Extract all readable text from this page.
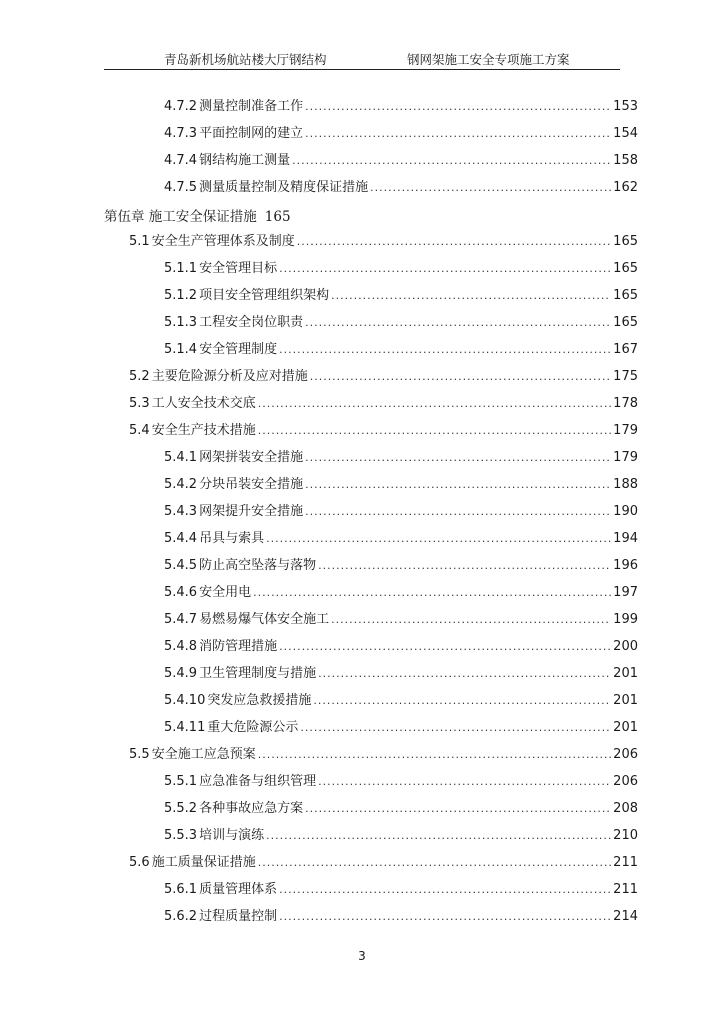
青岛新机场航站楼大厅钢结构	钢网架施工安全专项施工方案
第伍章 施工安全保证措施 165
4.7.2 测量控制准备工作 .....	153
4.7.3 平面控制网的建立 .....	154
4.7.4 钢结构施工测量 .....	158
4.7.5 测量质量控制及精度保证措施 .....	162
5.1 安全生产管理体系及制度 .....	165
5.1.1 安全管理目标 .....	165
5.1.2 项目安全管理组织架构 .....	165
5.1.3 工程安全岗位职责 .....	165
5.1.4 安全管理制度 .....	167
5.2 主要危险源分析及应对措施 .....	175
5.3 工人安全技术交底 .....	178
5.4 安全生产技术措施 .....	179
5.4.1 网架拼装安全措施 .....	179
5.4.2 分块吊装安全措施 .....	188
5.4.3 网架提升安全措施 .....	190
5.4.4 吊具与索具 .....	194
5.4.5 防止高空坠落与落物 .....	196
5.4.6 安全用电 .....	197
5.4.7 易燃易爆气体安全施工 .....	199
5.4.8 消防管理措施 .....	200
5.4.9 卫生管理制度与措施 .....	201
5.4.10 突发应急救援措施 .....	201
5.4.11 重大危险源公示 .....	201
5.5 安全施工应急预案 .....	206
5.5.1 应急准备与组织管理 .....	206
5.5.2 各种事故应急方案 .....	208
5.5.3 培训与演练 .....	210
5.6 施工质量保证措施 .....	211
5.6.1 质量管理体系 .....	211
5.6.2 过程质量控制 .....	214
3
